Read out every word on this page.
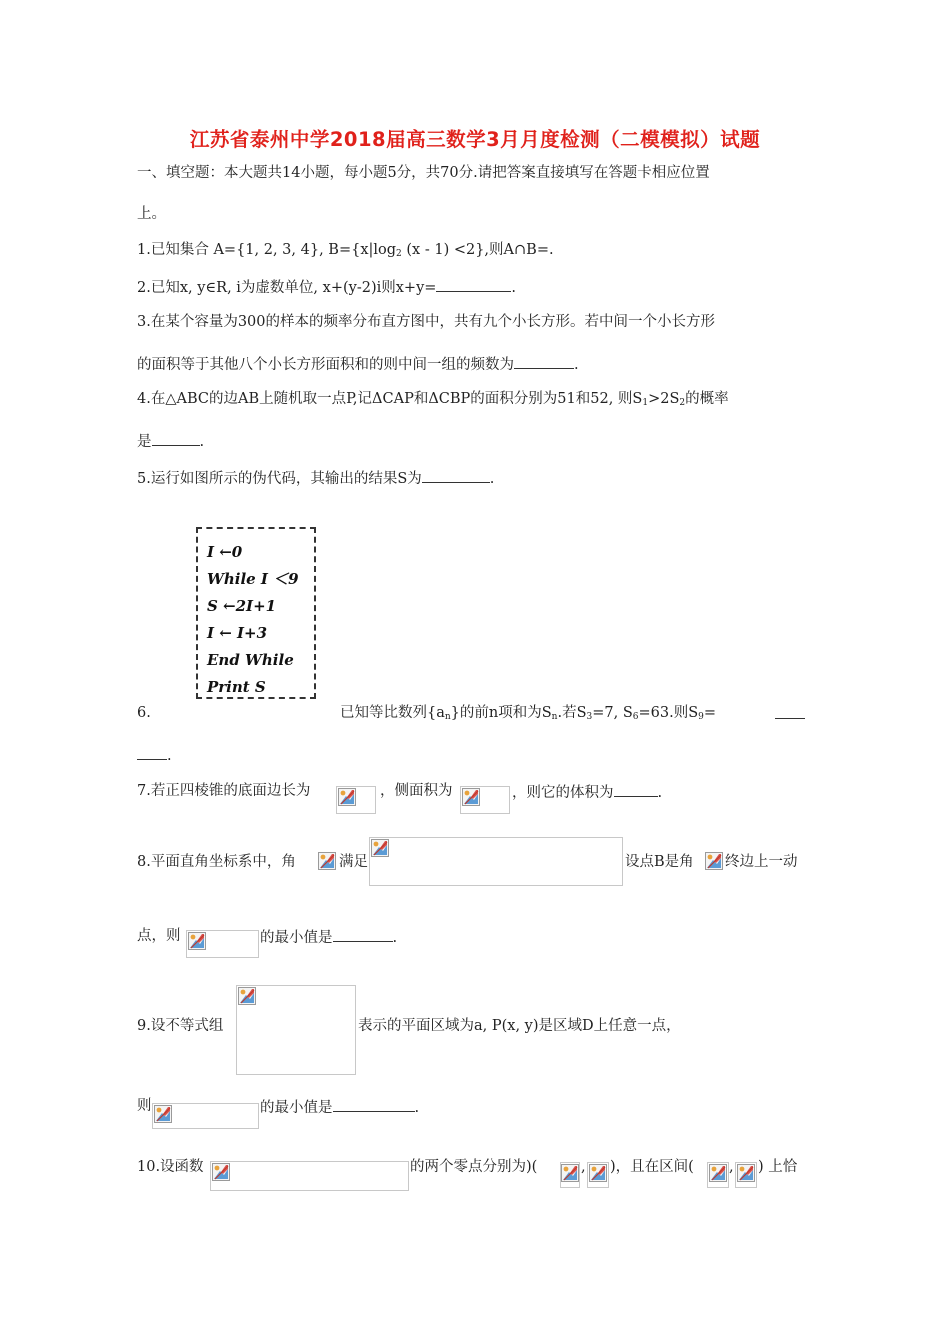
江苏省泰州中学2018届高三数学3月月度检测（二模模拟）试题
一、填空题：本大题共14小题，每小题5分，共70分.请把答案直接填写在答题卡相应位置
上。
1.已知集合 A={1, 2, 3, 4}, $B=\{x|\log_2$ (x - 1) <2},则A∩B=.
2.已知x, y∈R, i为虚数单位, x+(y-2)i则x+y=	.
3.在某个容量为300的样本的频率分布直方图中，共有九个小长方形。若中间一个小长方形
的面积等于其他八个小长方形面积和的则中间一组的频数为	.
4.在△ABC的边AB上随机取一点P,记ΔCAP和ΔCBP的面积分别为51和52, 则$S_1>2S_2$的概率
是	.
5.运行如图所示的伪代码，其输出的结果S为	.
I ←0
While I ＜9
S ←2I+1
I ← I+3
End While
Print S
6.	已知等比数列$\{a_n\}$的前n项和为$S_n$.若$S_3=7$, $S_6=63$.则$S_9=$
.
7.若正四棱锥的底面边长为	，侧面积为	，则它的体积为	.
8.平面直角坐标系中，角	满足	设点B是角 终边上一动
点，则	的最小值是	.
9.设不等式组	表示的平面区域为a, P(x, y)是区域D上任意一点，
则	的最小值是	.
10.设函数	的两个零点分别为)(	, )，且在区间( , ) 上恰
